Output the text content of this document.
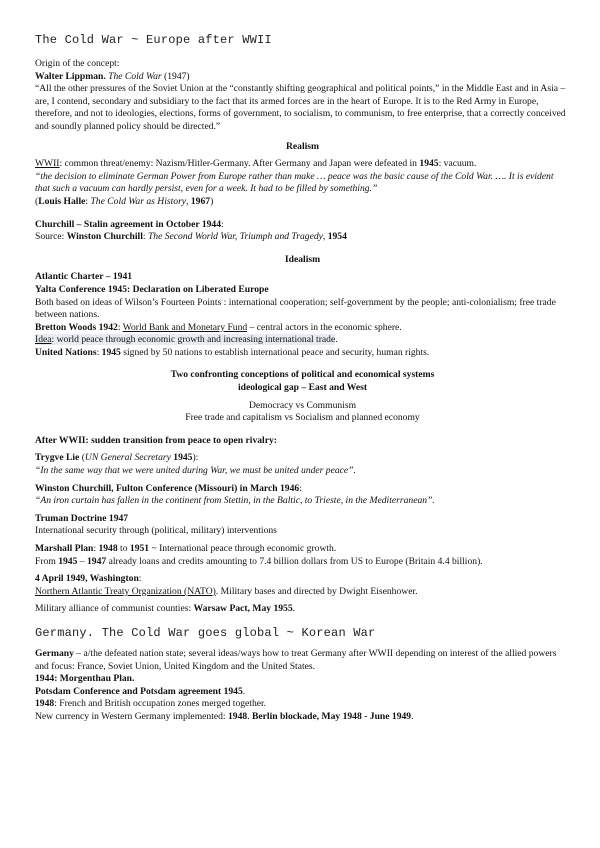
The Cold War ~ Europe after WWII

Origin of the concept:

Walter Lippman. The Cold War (1947)

“All the other pressures of the Soviet Union at the “constantly shifting geographical and political points,” in the Middle East and in Asia – are, I contend, secondary and subsidiary to the fact that its armed forces are in the heart of Europe. It is to the Red Army in Europe, therefore, and not to ideologies, elections, forms of government, to socialism, to communism, to free enterprise, that a correctly conceived and soundly planned policy should be directed.”

Realism

WWII: common threat/enemy: Nazism/Hitler-Germany. After Germany and Japan were defeated in 1945: vacuum.

“the decision to eliminate German Power from Europe rather than make … peace was the basic cause of the Cold War. …. It is evident that such a vacuum can hardly persist, even for a week. It had to be filled by something.”

(Louis Halle: The Cold War as History, 1967)

Churchill – Stalin agreement in October 1944:

Source: Winston Churchill: The Second World War, Triumph and Tragedy, 1954

Idealism

Atlantic Charter – 1941

Yalta Conference 1945: Declaration on Liberated Europe

Both based on ideas of Wilson’s Fourteen Points : international cooperation; self-government by the people; anti-colonialism; free trade between nations.

Bretton Woods 1942: World Bank and Monetary Fund – central actors in the economic sphere.

Idea: world peace through economic growth and increasing international trade.

United Nations: 1945 signed by 50 nations to establish international peace and security, human rights.

Two confronting conceptions of political and economical systems

ideological gap – East and West

Democracy vs Communism

Free trade and capitalism vs Socialism and planned economy

After WWII: sudden transition from peace to open rivalry:

Trygve Lie (UN General Secretary 1945):

“In the same way that we were united during War, we must be united under peace”.

Winston Churchill, Fulton Conference (Missouri) in March 1946:

“An iron curtain has fallen in the continent from Stettin, in the Baltic, to Trieste, in the Mediterranean”.

Truman Doctrine 1947

International security through (political, military) interventions

Marshall Plan: 1948 to 1951 ~ International peace through economic growth.

From 1945 – 1947 already loans and credits amounting to 7.4 billion dollars from US to Europe (Britain 4.4 billion).

4 April 1949, Washington:

Northern Atlantic Treaty Organization (NATO). Military bases and directed by Dwight Eisenhower.

Military alliance of communist counties: Warsaw Pact, May 1955.

Germany. The Cold War goes global ~ Korean War

Germany – a/the defeated nation state; several ideas/ways how to treat Germany after WWII depending on interest of the allied powers and focus: France, Soviet Union, United Kingdom and the United States.

1944: Morgenthau Plan.

Potsdam Conference and Potsdam agreement 1945.

1948: French and British occupation zones merged together.

New currency in Western Germany implemented: 1948. Berlin blockade, May 1948 - June 1949.
